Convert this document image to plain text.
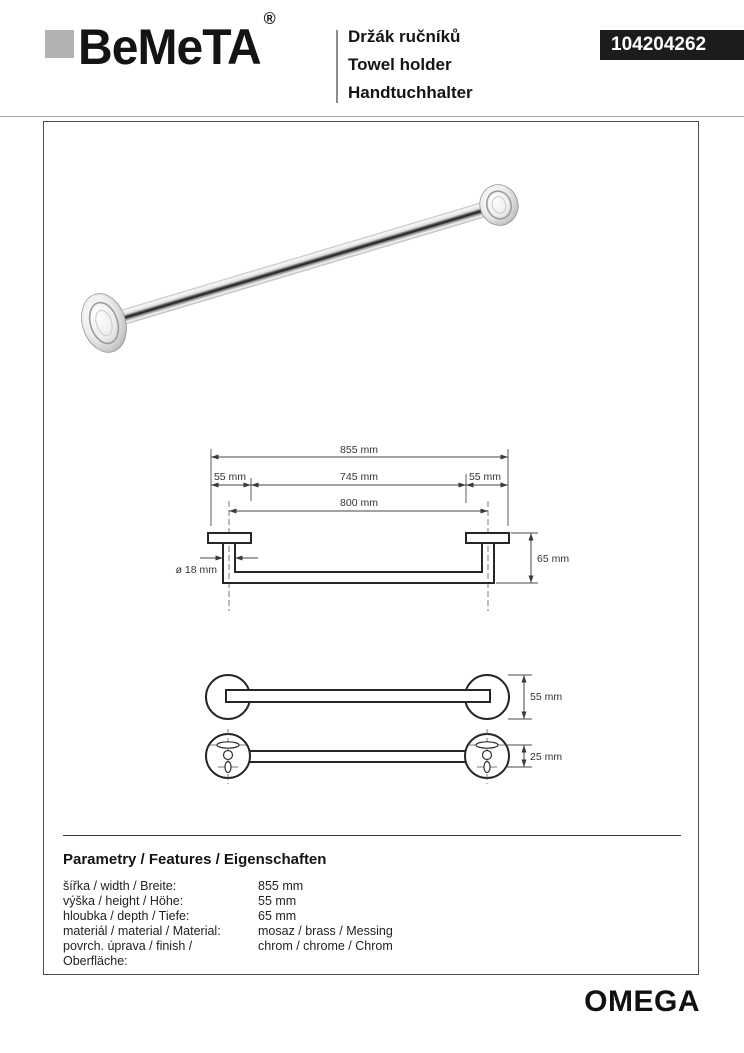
BeMeTA®
Držák ručníků
Towel holder
Handtuchhalter
104204262
855 mm
55 mm	745 mm	55 mm
800 mm
ø 18 mm
65 mm
55 mm
25 mm
Parametry / Features / Eigenschaften
šířka / width / Breite:	855 mm
výška / height / Höhe:	55 mm
hloubka / depth / Tiefe:	65 mm
materiál / material / Material:	mosaz / brass / Messing
povrch. úprava / finish / Oberfläche:
chrom / chrome / Chrom
OMEGA
